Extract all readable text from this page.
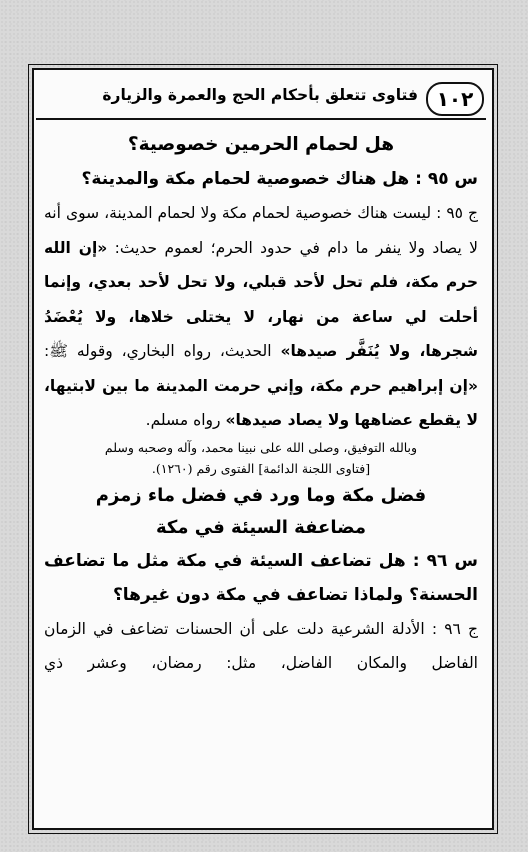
١٠٢
فتاوى تتعلق بأحكام الحج والعمرة والزيارة

هل لحمام الحرمين خصوصية؟

س ٩٥ : هل هناك خصوصية لحمام مكة والمدينة؟

ج ٩٥ : ليست هناك خصوصية لحمام مكة ولا لحمام المدينة، سوى أنه لا يصاد ولا ينفر ما دام في حدود الحرم؛ لعموم حديث: «إن الله حرم مكة، فلم تحل لأحد قبلي، ولا تحل لأحد بعدي، وإنما أحلت لي ساعة من نهار، لا يختلى خلاها، ولا يُعْضَدُ شجرها، ولا يُنَفَّر صيدها» الحديث، رواه البخاري، وقوله ﷺ: «إن إبراهيم حرم مكة، وإني حرمت المدينة ما بين لابتيها، لا يقطع عضاهها ولا يصاد صيدها» رواه مسلم.

وبالله التوفيق، وصلى الله على نبينا محمد، وآله وصحبه وسلم

[فتاوى اللجنة الدائمة] الفتوى رقم (١٢٦٠).

فضل مكة وما ورد في فضل ماء زمزم

مضاعفة السيئة في مكة

س ٩٦ : هل تضاعف السيئة في مكة مثل ما تضاعف الحسنة؟ ولماذا تضاعف في مكة دون غيرها؟

ج ٩٦ : الأدلة الشرعية دلت على أن الحسنات تضاعف في الزمان الفاضل والمكان الفاضل، مثل: رمضان، وعشر ذي
